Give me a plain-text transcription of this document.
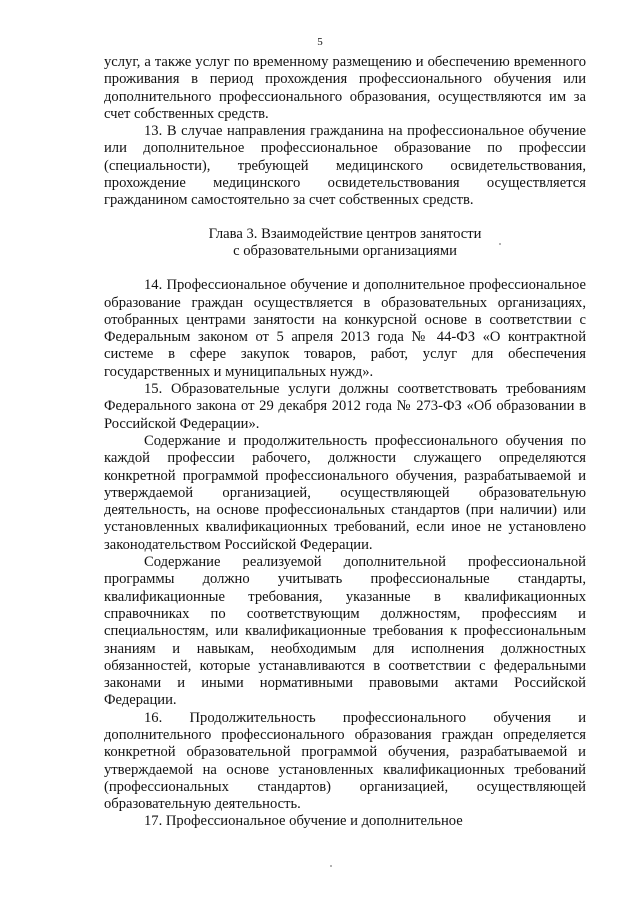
5

услуг, а также услуг по временному размещению и обеспечению временного проживания в период прохождения профессионального обучения или дополнительного профессионального образования, осуществляются им за счет собственных средств.

13. В случае направления гражданина на профессиональное обучение или дополнительное профессиональное образование по профессии (специальности), требующей медицинского освидетельствования, прохождение медицинского освидетельствования осуществляется гражданином самостоятельно за счет собственных средств.

Глава 3. Взаимодействие центров занятости
с образовательными организациями

14. Профессиональное обучение и дополнительное профессиональное образование граждан осуществляется в образовательных организациях, отобранных центрами занятости на конкурсной основе в соответствии с Федеральным законом от 5 апреля 2013 года № 44-ФЗ «О контрактной системе в сфере закупок товаров, работ, услуг для обеспечения государственных и муниципальных нужд».

15. Образовательные услуги должны соответствовать требованиям Федерального закона от 29 декабря 2012 года № 273-ФЗ «Об образовании в Российской Федерации».

Содержание и продолжительность профессионального обучения по каждой профессии рабочего, должности служащего определяются конкретной программой профессионального обучения, разрабатываемой и утверждаемой организацией, осуществляющей образовательную деятельность, на основе профессиональных стандартов (при наличии) или установленных квалификационных требований, если иное не установлено законодательством Российской Федерации.

Содержание реализуемой дополнительной профессиональной программы должно учитывать профессиональные стандарты, квалификационные требования, указанные в квалификационных справочниках по соответствующим должностям, профессиям и специальностям, или квалификационные требования к профессиональным знаниям и навыкам, необходимым для исполнения должностных обязанностей, которые устанавливаются в соответствии с федеральными законами и иными нормативными правовыми актами Российской Федерации.

16. Продолжительность профессионального обучения и дополнительного профессионального образования граждан определяется конкретной образовательной программой обучения, разрабатываемой и утверждаемой на основе установленных квалификационных требований (профессиональных стандартов) организацией, осуществляющей образовательную деятельность.

17. Профессиональное обучение и дополнительное
